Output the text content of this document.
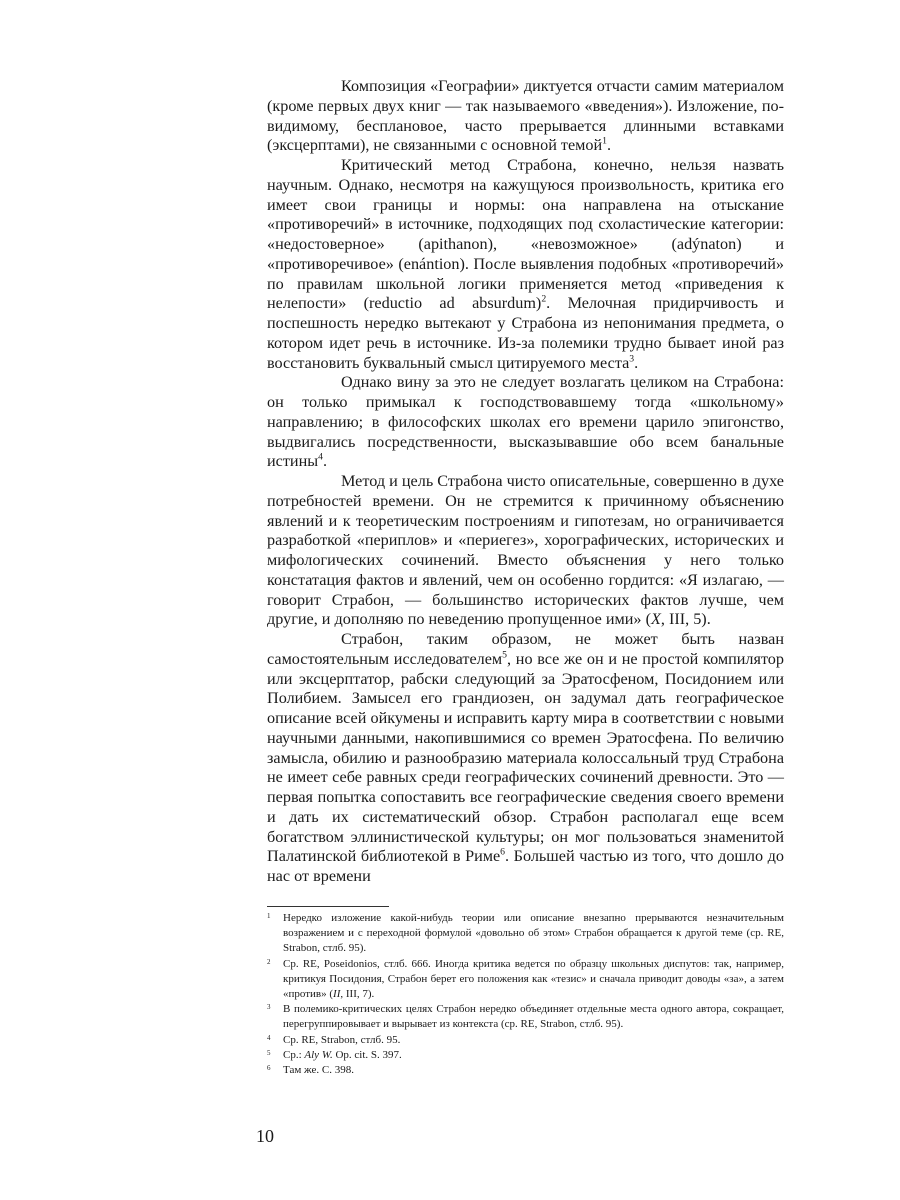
Композиция «Географии» диктуется отчасти самим материалом (кроме первых двух книг — так называемого «введения»). Изложение, по-видимому, бесплановое, часто прерывается длинными вставками (эксцерптами), не связанными с основной темой$^1$.

Критический метод Страбона, конечно, нельзя назвать научным. Однако, несмотря на кажущуюся произвольность, критика его имеет свои границы и нормы: она направлена на отыскание «противоречий» в источнике, подходящих под схоластические категории: «недостоверное» (apithanon), «невозможное» (adýnaton) и «противоречивое» (enántion). После выявления подобных «противоречий» по правилам школьной логики применяется метод «приведения к нелепости» (reductio ad absurdum)$^2$. Мелочная придирчивость и поспешность нередко вытекают у Страбона из непонимания предмета, о котором идет речь в источнике. Из-за полемики трудно бывает иной раз восстановить буквальный смысл цитируемого места$^3$.

Однако вину за это не следует возлагать целиком на Страбона: он только примыкал к господствовавшему тогда «школьному» направлению; в философских школах его времени царило эпигонство, выдвигались посредственности, высказывавшие обо всем банальные истины$^4$.

Метод и цель Страбона чисто описательные, совершенно в духе потребностей времени. Он не стремится к причинному объяснению явлений и к теоретическим построениям и гипотезам, но ограничивается разработкой «периплов» и «периегез», хорографических, исторических и мифологических сочинений. Вместо объяснения у него только констатация фактов и явлений, чем он особенно гордится: «Я излагаю, — говорит Страбон, — большинство исторических фактов лучше, чем другие, и дополняю по неведению пропущенное ими» (X, III, 5).

Страбон, таким образом, не может быть назван самостоятельным исследователем$^5$, но все же он и не простой компилятор или эксцерптатор, рабски следующий за Эратосфеном, Посидонием или Полибием. Замысел его грандиозен, он задумал дать географическое описание всей ойкумены и исправить карту мира в соответствии с новыми научными данными, накопившимися со времен Эратосфена. По величию замысла, обилию и разнообразию материала колоссальный труд Страбона не имеет себе равных среди географических сочинений древности. Это — первая попытка сопоставить все географические сведения своего времени и дать их систематический обзор. Страбон располагал еще всем богатством эллинистической культуры; он мог пользоваться знаменитой Палатинской библиотекой в Риме$^6$. Большей частью из того, что дошло до нас от времени

1 Нередко изложение какой-нибудь теории или описание внезапно прерываются незначительным возражением и с переходной формулой «довольно об этом» Страбон обращается к другой теме (ср. RE, Strabon, стлб. 95).
2 Ср. RE, Poseidonios, стлб. 666. Иногда критика ведется по образцу школьных диспутов: так, например, критикуя Посидония, Страбон берет его положения как «тезис» и сначала приводит доводы «за», а затем «против» (II, III, 7).
3 В полемико-критических целях Страбон нередко объединяет отдельные места одного автора, сокращает, перегруппировывает и вырывает из контекста (ср. RE, Strabon, стлб. 95).
4 Ср. RE, Strabon, стлб. 95.
5 Ср.: Aly W. Op. cit. S. 397.
6 Там же. С. 398.
10
